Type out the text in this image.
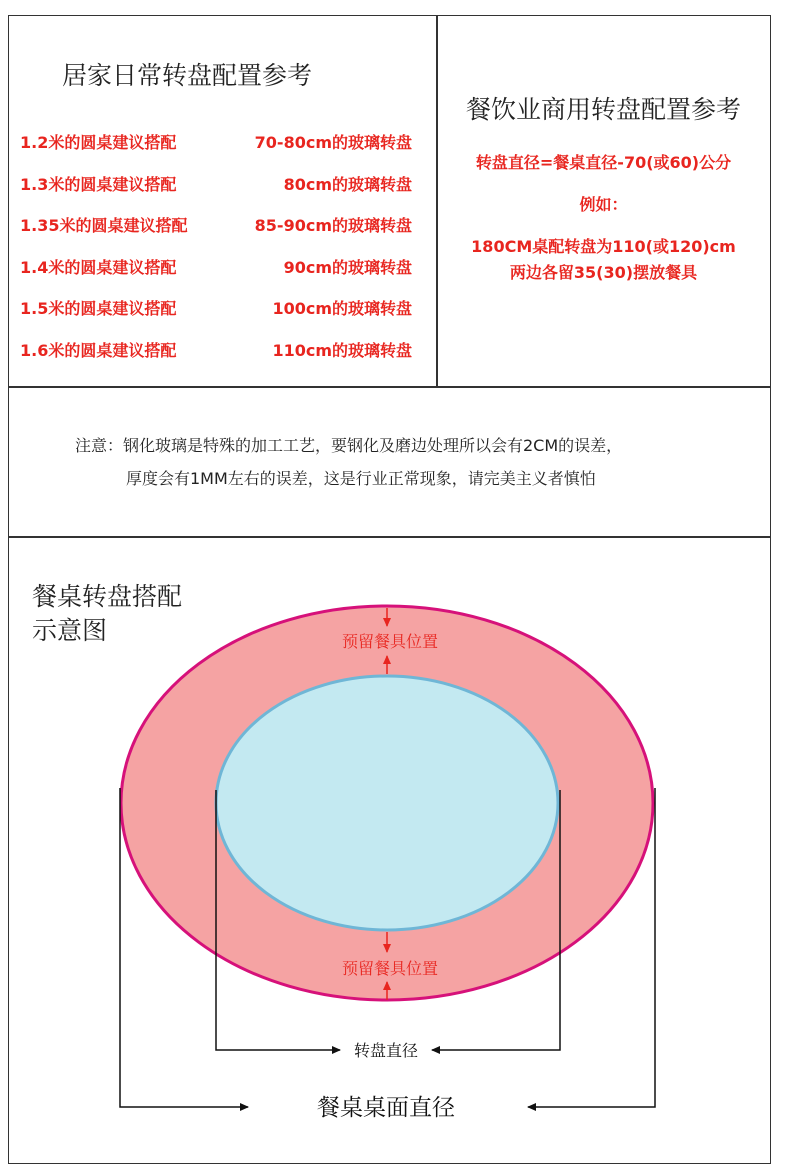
居家日常转盘配置参考
1.2米的圆桌建议搭配	70-80cm的玻璃转盘
1.3米的圆桌建议搭配	80cm的玻璃转盘
1.35米的圆桌建议搭配	85-90cm的玻璃转盘
1.4米的圆桌建议搭配	90cm的玻璃转盘
1.5米的圆桌建议搭配	100cm的玻璃转盘
1.6米的圆桌建议搭配	110cm的玻璃转盘
餐饮业商用转盘配置参考
转盘直径=餐桌直径-70(或60)公分
例如：
180CM桌配转盘为110(或120)cm
两边各留35(30)摆放餐具
注意：钢化玻璃是特殊的加工工艺，要钢化及磨边处理所以会有2CM的误差，
厚度会有1MM左右的误差，这是行业正常现象，请完美主义者慎怕
餐桌转盘搭配
示意图	预留餐具位置
预留餐具位置
转盘直径
餐桌桌面直径
